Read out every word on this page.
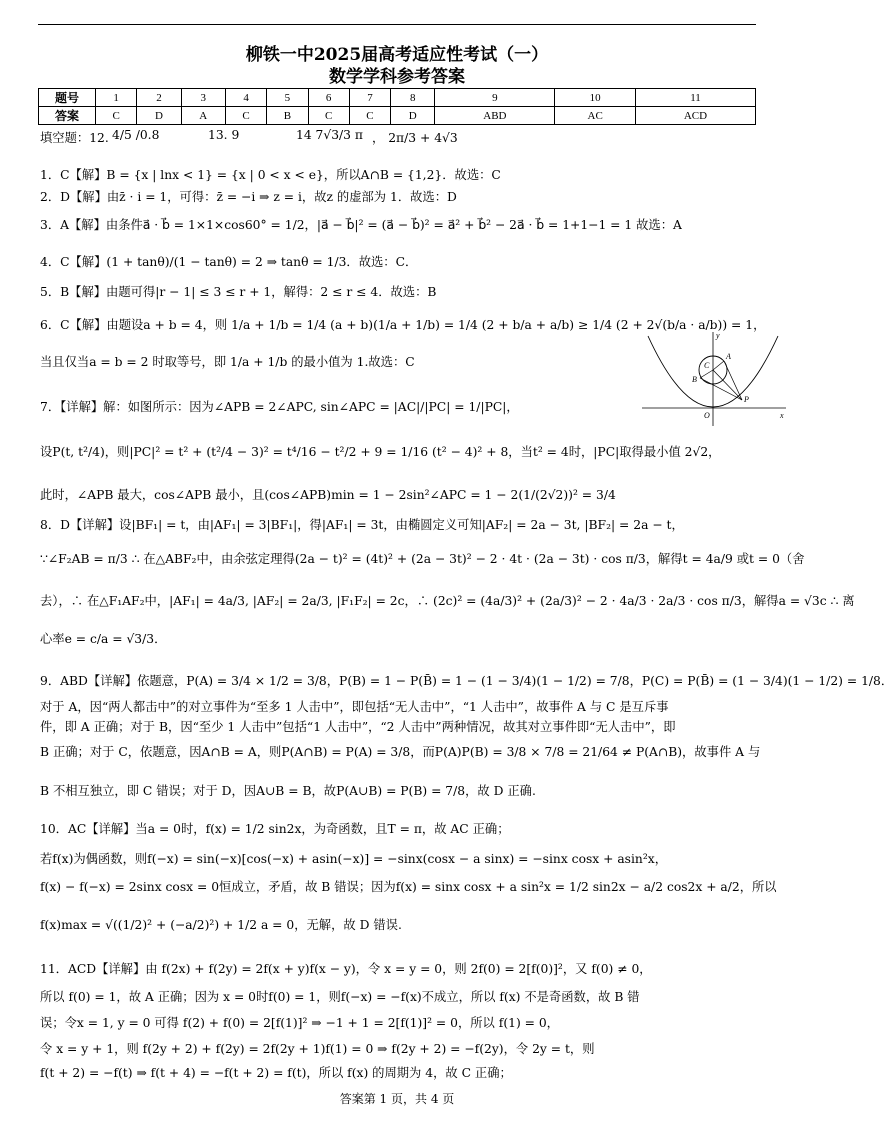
柳铁一中2025届高考适应性考试（一）
数学学科参考答案
题号	1	2	3	4	5	6	7	8	9	10	11
答案	C	D	A	C	B	C	C	D	ABD	AC	ACD
填空题：12. 4/5 /0.8	13. 9	14 7√3/3 π ， 2π/3 + 4√3
1．C【解】B = {x | lnx < 1} = {x | 0 < x < e}，所以A∩B = {1,2}．故选：C
2．D【解】由z̄ · i = 1，可得：z̄ = −i ⇒ z = i，故z 的虚部为 1．故选：D
3．A【解】由条件a⃗ · b⃗ = 1×1×cos60° = 1/2，|a⃗ − b⃗|² = (a⃗ − b⃗)² = a⃗² + b⃗² − 2a⃗ · b⃗ = 1+1−1 = 1 故选：A
4．C【解】(1 + tanθ)/(1 − tanθ) = 2 ⇒ tanθ = 1/3．故选：C．
5．B【解】由题可得|r − 1| ≤ 3 ≤ r + 1，解得：2 ≤ r ≤ 4．故选：B
6．C【解】由题设a + b = 4，则 1/a + 1/b = 1/4 (a + b)(1/a + 1/b) = 1/4 (2 + b/a + a/b) ≥ 1/4 (2 + 2√(b/a · a/b)) = 1，
当且仅当a = b = 2 时取等号，即 1/a + 1/b 的最小值为 1.故选：C
7．【详解】解：如图所示：因为∠APB = 2∠APC, sin∠APC = |AC|/|PC| = 1/|PC|，
设P(t, t²/4)，则|PC|² = t² + (t²/4 − 3)² = t⁴/16 − t²/2 + 9 = 1/16 (t² − 4)² + 8，当t² = 4时，|PC|取得最小值 2√2，
此时，∠APB 最大，cos∠APB 最小，且(cos∠APB)min = 1 − 2sin²∠APC = 1 − 2(1/(2√2))² = 3/4
8．D【详解】设|BF₁| = t，由|AF₁| = 3|BF₁|，得|AF₁| = 3t，由椭圆定义可知|AF₂| = 2a − 3t, |BF₂| = 2a − t，
∵∠F₂AB = π/3 ∴ 在△ABF₂中，由余弦定理得(2a − t)² = (4t)² + (2a − 3t)² − 2 · 4t · (2a − 3t) · cos π/3，解得t = 4a/9 或t = 0（舍
去），∴ 在△F₁AF₂中，|AF₁| = 4a/3, |AF₂| = 2a/3, |F₁F₂| = 2c，∴ (2c)² = (4a/3)² + (2a/3)² − 2 · 4a/3 · 2a/3 · cos π/3，解得a = √3c ∴ 离
心率e = c/a = √3/3．
9．ABD【详解】依题意，P(A) = 3/4 × 1/2 = 3/8，P(B) = 1 − P(B̄) = 1 − (1 − 3/4)(1 − 1/2) = 7/8，P(C) = P(B̄) = (1 − 3/4)(1 − 1/2) = 1/8．
对于 A，因“两人都击中”的对立事件为“至多 1 人击中”，即包括“无人击中”，“1 人击中”，故事件 A 与 C 是互斥事
件，即 A 正确；对于 B，因“至少 1 人击中”包括“1 人击中”，“2 人击中”两种情况，故其对立事件即“无人击中”，即
B 正确；对于 C，依题意，因A∩B = A，则P(A∩B) = P(A) = 3/8，而P(A)P(B) = 3/8 × 7/8 = 21/64 ≠ P(A∩B)，故事件 A 与
B 不相互独立，即 C 错误；对于 D，因A∪B = B，故P(A∪B) = P(B) = 7/8，故 D 正确.
10．AC【详解】当a = 0时，f(x) = 1/2 sin2x，为奇函数，且T = π，故 AC 正确；
若f(x)为偶函数，则f(−x) = sin(−x)[cos(−x) + asin(−x)] = −sinx(cosx − a sinx) = −sinx cosx + asin²x，
f(x) − f(−x) = 2sinx cosx = 0恒成立，矛盾，故 B 错误；因为f(x) = sinx cosx + a sin²x = 1/2 sin2x − a/2 cos2x + a/2，所以
f(x)max = √((1/2)² + (−a/2)²) + 1/2 a = 0，无解，故 D 错误.
11．ACD【详解】由 f(2x) + f(2y) = 2f(x + y)f(x − y)，令 x = y = 0，则 2f(0) = 2[f(0)]²，又 f(0) ≠ 0，
所以 f(0) = 1，故 A 正确；因为 x = 0时f(0) = 1，则f(−x) = −f(x)不成立，所以 f(x) 不是奇函数，故 B 错
误；令x = 1, y = 0 可得 f(2) + f(0) = 2[f(1)]² ⇒ −1 + 1 = 2[f(1)]² = 0，所以 f(1) = 0，
令 x = y + 1，则 f(2y + 2) + f(2y) = 2f(2y + 1)f(1) = 0 ⇒ f(2y + 2) = −f(2y)，令 2y = t，则
f(t + 2) = −f(t) ⇒ f(t + 4) = −f(t + 2) = f(t)，所以 f(x) 的周期为 4，故 C 正确；
y
A
C
B
O
P
x
答案第 1 页，共 4 页
